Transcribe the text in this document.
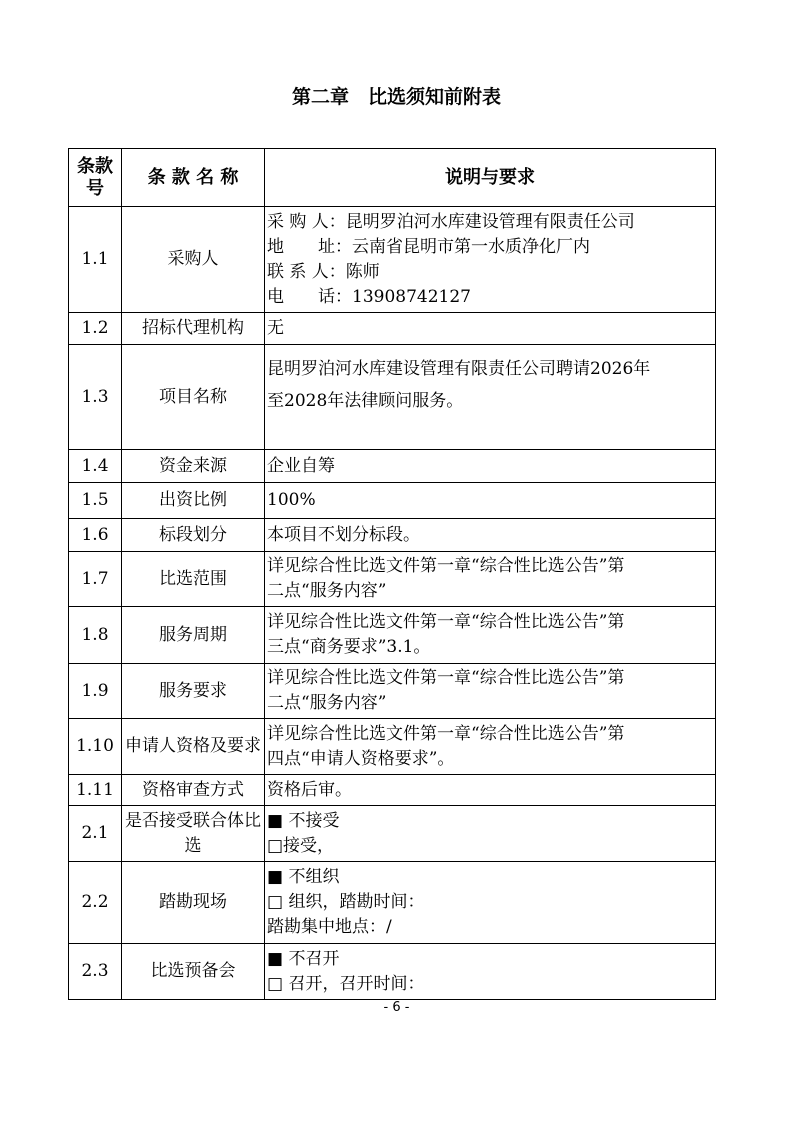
第二章　比选须知前附表
条款号	条 款 名 称	说明与要求
1.1	采购人	采 购 人：昆明罗泊河水库建设管理有限责任公司
地　　址：云南省昆明市第一水质净化厂内
联 系 人：陈师
电　　话：13908742127

1.2	招标代理机构	无

1.3	项目名称	昆明罗泊河水库建设管理有限责任公司聘请2026年
至2028年法律顾问服务。

1.4	资金来源	企业自筹

1.5	出资比例	100%

1.6	标段划分	本项目不划分标段。

1.7	比选范围	详见综合性比选文件第一章“综合性比选公告”第
二点“服务内容”

1.8	服务周期	详见综合性比选文件第一章“综合性比选公告”第
三点“商务要求”3.1。

1.9	服务要求	详见综合性比选文件第一章“综合性比选公告”第
二点“服务内容”

1.10	申请人资格及要求	详见综合性比选文件第一章“综合性比选公告”第
四点“申请人资格要求”。

1.11	资格审查方式	资格后审。

2.1	是否接受联合体比选	■ 不接受
□接受，

2.2	踏勘现场	■ 不组织
□ 组织，踏勘时间：
踏勘集中地点：/

2.3	比选预备会	■ 不召开
□ 召开，召开时间：
- 6 -
